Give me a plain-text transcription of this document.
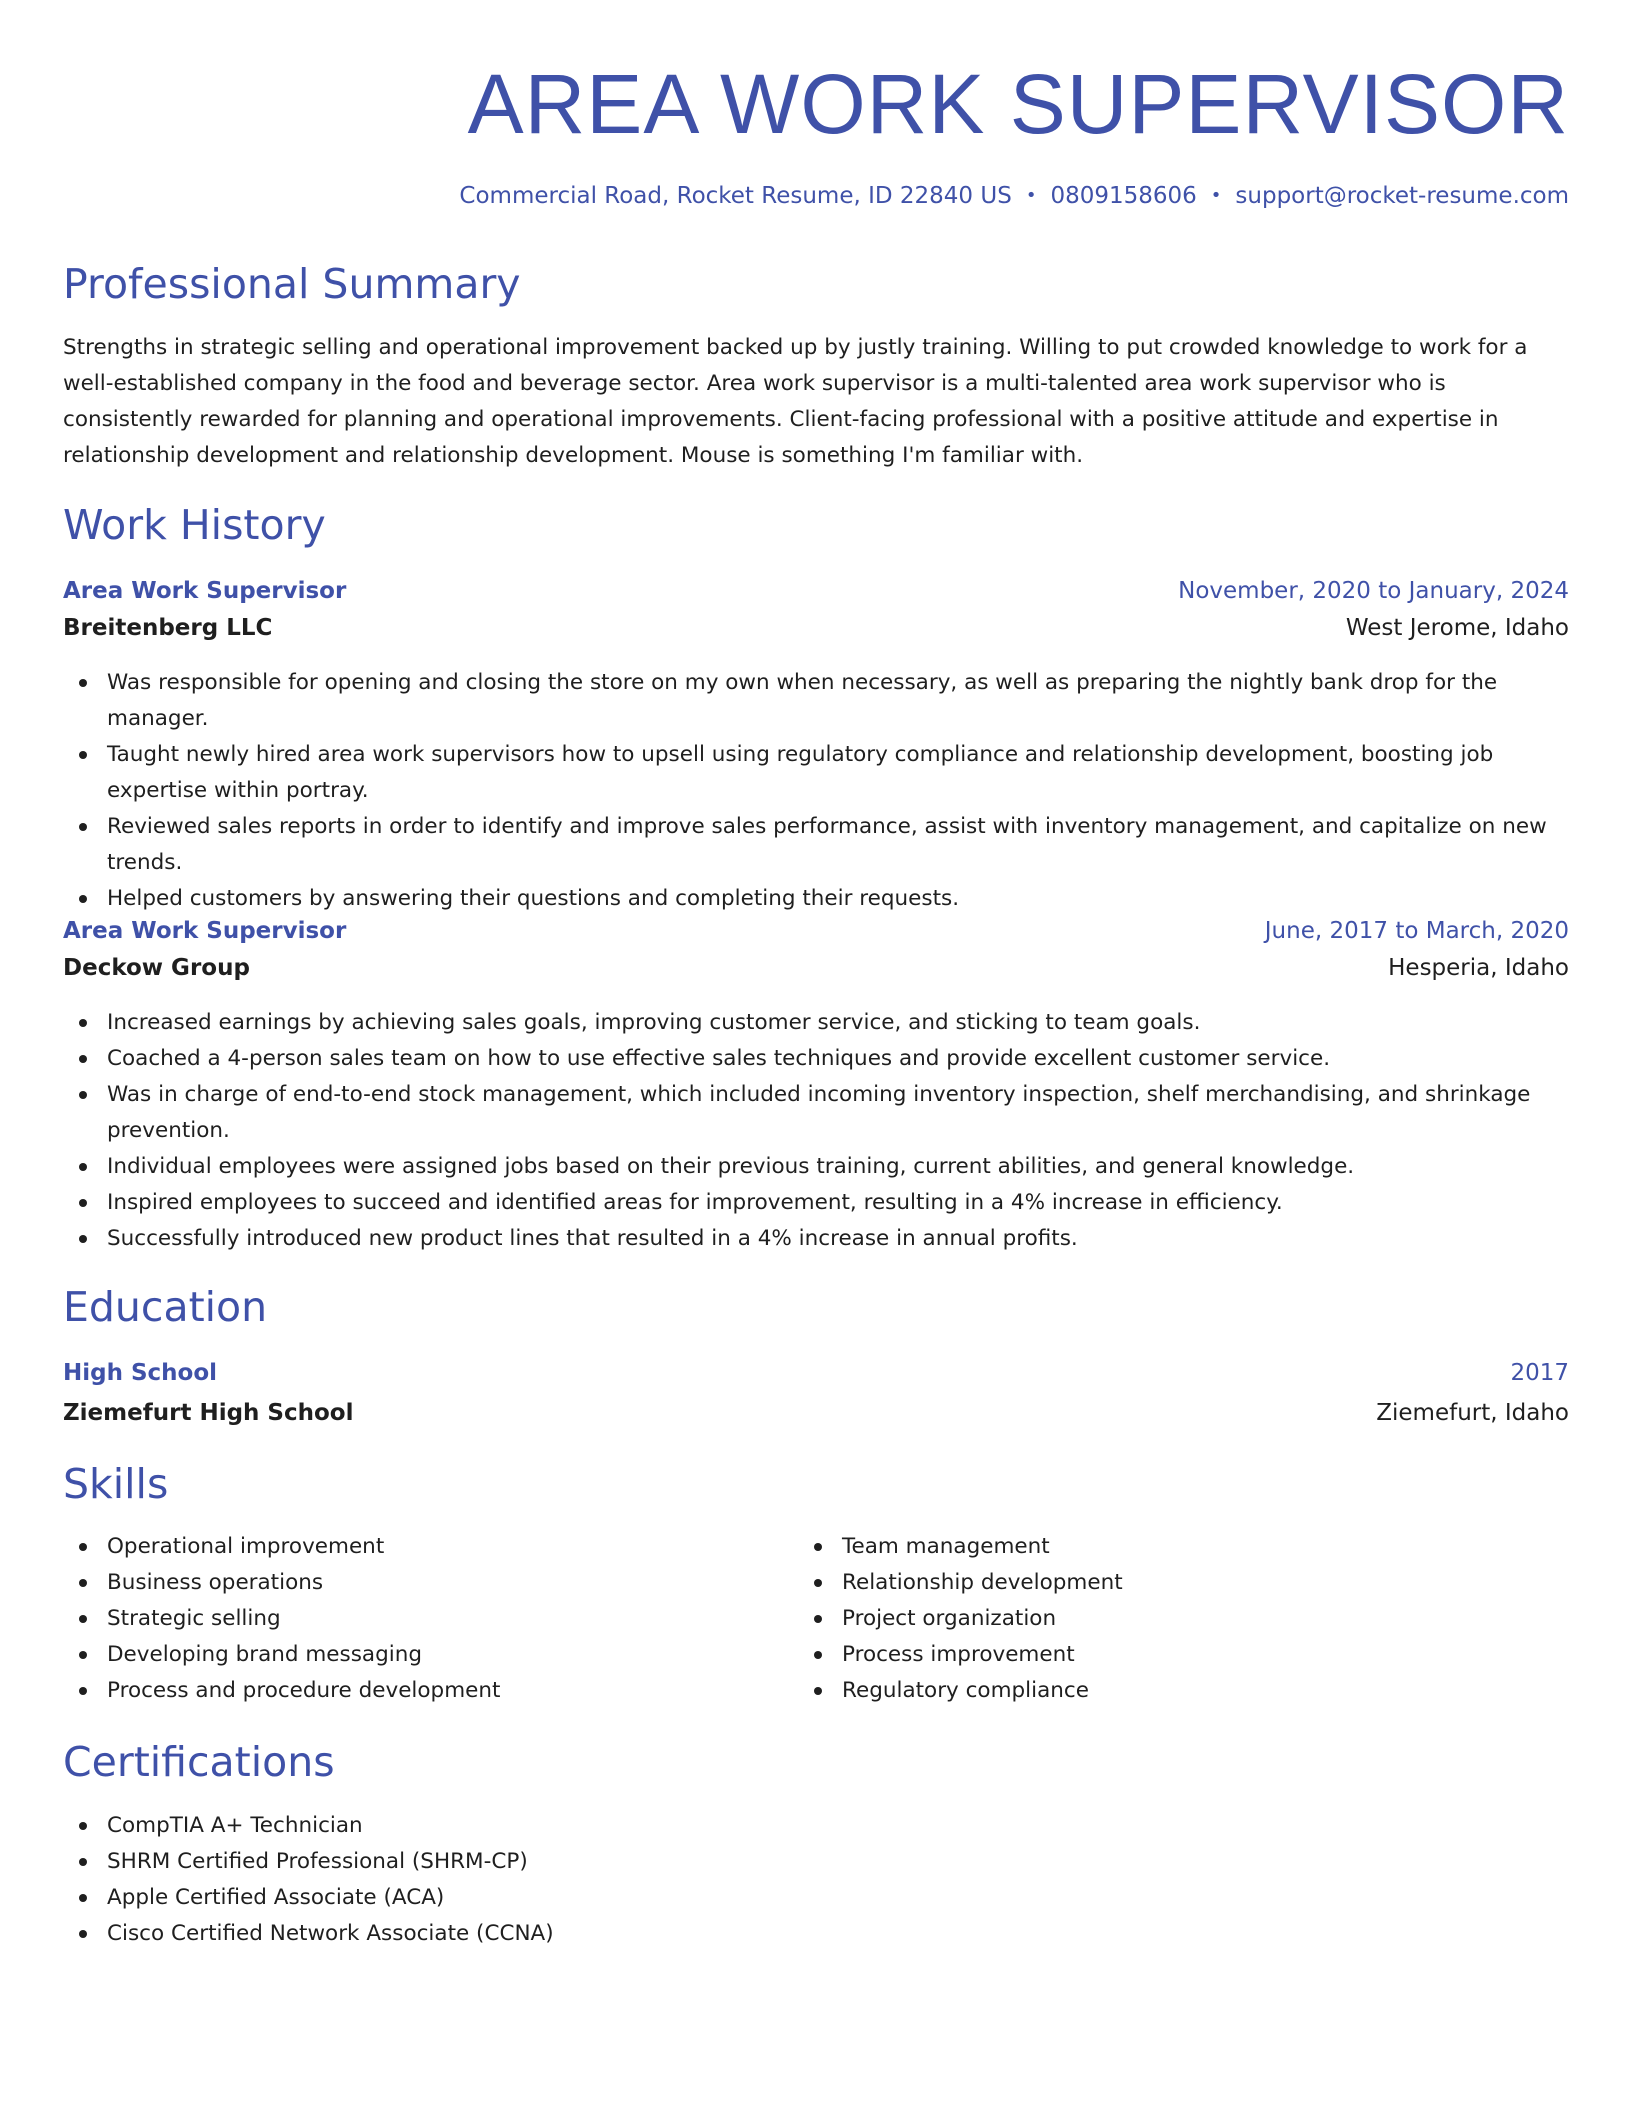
AREA WORK SUPERVISOR
Commercial Road, Rocket Resume, ID 22840 US • 0809158606 • support@rocket-resume.com
Professional Summary

Strengths in strategic selling and operational improvement backed up by justly training. Willing to put crowded knowledge to work for a well-established company in the food and beverage sector. Area work supervisor is a multi-talented area work supervisor who is consistently rewarded for planning and operational improvements. Client-facing professional with a positive attitude and expertise in relationship development and relationship development. Mouse is something I'm familiar with.

Work History
Area Work Supervisor	November, 2020 to January, 2024
Breitenberg LLC	West Jerome, Idaho
Was responsible for opening and closing the store on my own when necessary, as well as preparing the nightly bank drop for the manager.
Taught newly hired area work supervisors how to upsell using regulatory compliance and relationship development, boosting job expertise within portray.
Reviewed sales reports in order to identify and improve sales performance, assist with inventory management, and capitalize on new trends.
Helped customers by answering their questions and completing their requests.
Area Work Supervisor	June, 2017 to March, 2020
Deckow Group	Hesperia, Idaho
Increased earnings by achieving sales goals, improving customer service, and sticking to team goals.
Coached a 4-person sales team on how to use effective sales techniques and provide excellent customer service.
Was in charge of end-to-end stock management, which included incoming inventory inspection, shelf merchandising, and shrinkage prevention.
Individual employees were assigned jobs based on their previous training, current abilities, and general knowledge.
Inspired employees to succeed and identified areas for improvement, resulting in a 4% increase in efficiency.
Successfully introduced new product lines that resulted in a 4% increase in annual profits.
Education
High School	2017
Ziemefurt High School	Ziemefurt, Idaho
Skills
Operational improvement
Business operations
Strategic selling
Developing brand messaging
Process and procedure development
Team management
Relationship development
Project organization
Process improvement
Regulatory compliance
Certifications
CompTIA A+ Technician
SHRM Certified Professional (SHRM-CP)
Apple Certified Associate (ACA)
Cisco Certified Network Associate (CCNA)
